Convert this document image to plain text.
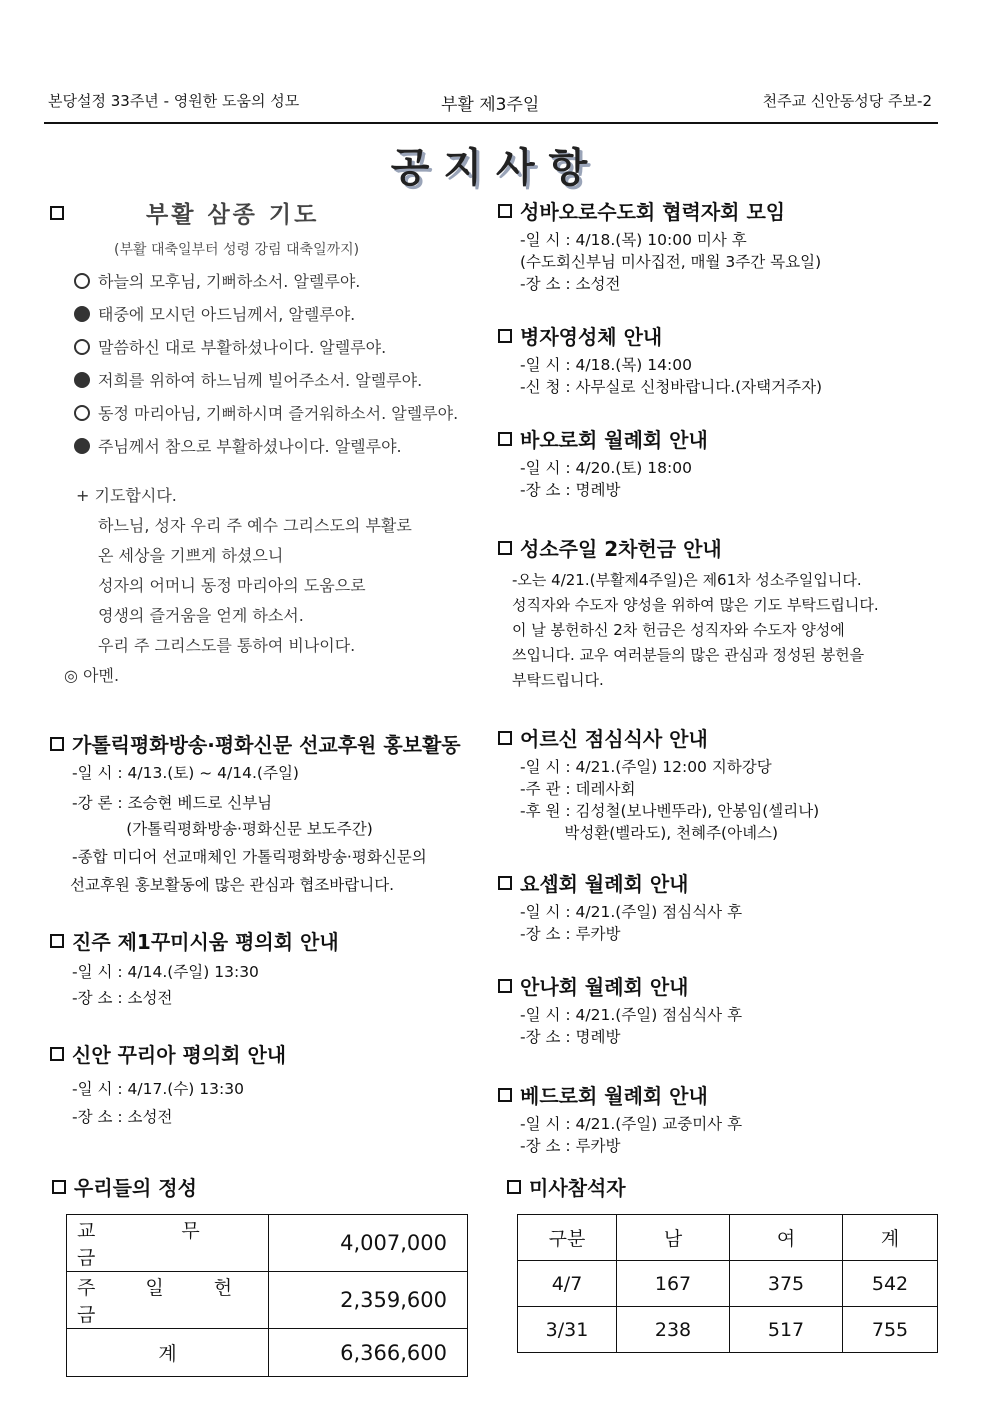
본당설정 33주년 - 영원한 도움의 성모	부활 제3주일	천주교 신안동성당 주보-2
공지사항
부활 삼종 기도
(부활 대축일부터 성령 강림 대축일까지)
하늘의 모후님, 기뻐하소서. 알렐루야.
태중에 모시던 아드님께서, 알렐루야.
말씀하신 대로 부활하셨나이다. 알렐루야.
저희를 위하여 하느님께 빌어주소서. 알렐루야.
동정 마리아님, 기뻐하시며 즐거워하소서. 알렐루야.
주님께서 참으로 부활하셨나이다. 알렐루야.
+ 기도합시다.
하느님, 성자 우리 주 예수 그리스도의 부활로
온 세상을 기쁘게 하셨으니
성자의 어머니 동정 마리아의 도움으로
영생의 즐거움을 얻게 하소서.
우리 주 그리스도를 통하여 비나이다.
◎ 아멘.
가톨릭평화방송·평화신문 선교후원 홍보활동
-일 시 : 4/13.(토) ~ 4/14.(주일)
-강 론 : 조승현 베드로 신부님
(가톨릭평화방송·평화신문 보도주간)
-종합 미디어 선교매체인 가톨릭평화방송·평화신문의
선교후원 홍보활동에 많은 관심과 협조바랍니다.
진주 제1꾸미시움 평의회 안내
-일 시 : 4/14.(주일) 13:30
-장 소 : 소성전
신안 꾸리아 평의회 안내
-일 시 : 4/17.(수) 13:30
-장 소 : 소성전
성바오로수도회 협력자회 모임
-일 시 : 4/18.(목) 10:00 미사 후
(수도회신부님 미사집전, 매월 3주간 목요일)
-장 소 : 소성전
병자영성체 안내
-일 시 : 4/18.(목) 14:00
-신 청 : 사무실로 신청바랍니다.(자택거주자)
바오로회 월례회 안내
-일 시 : 4/20.(토) 18:00
-장 소 : 명례방
성소주일 2차헌금 안내
-오는 4/21.(부활제4주일)은 제61차 성소주일입니다.
성직자와 수도자 양성을 위하여 많은 기도 부탁드립니다.
이 날 봉헌하신 2차 헌금은 성직자와 수도자 양성에
쓰입니다. 교우 여러분들의 많은 관심과 정성된 봉헌을
부탁드립니다.
어르신 점심식사 안내
-일 시 : 4/21.(주일) 12:00 지하강당
-주 관 : 데레사회
-후 원 : 김성철(보나벤뚜라), 안봉임(셀리나)
박성환(벨라도), 천혜주(아녜스)
요셉회 월례회 안내
-일 시 : 4/21.(주일) 점심식사 후
-장 소 : 루카방
안나회 월례회 안내
-일 시 : 4/21.(주일) 점심식사 후
-장 소 : 명례방
베드로회 월례회 안내
-일 시 : 4/21.(주일) 교중미사 후
-장 소 : 루카방
우리들의 정성
교 무 금	4,007,000
주 일 헌 금	2,359,600
계	6,366,600
미사참석자
구분	남	여	계
4/7	167	375	542
3/31	238	517	755
